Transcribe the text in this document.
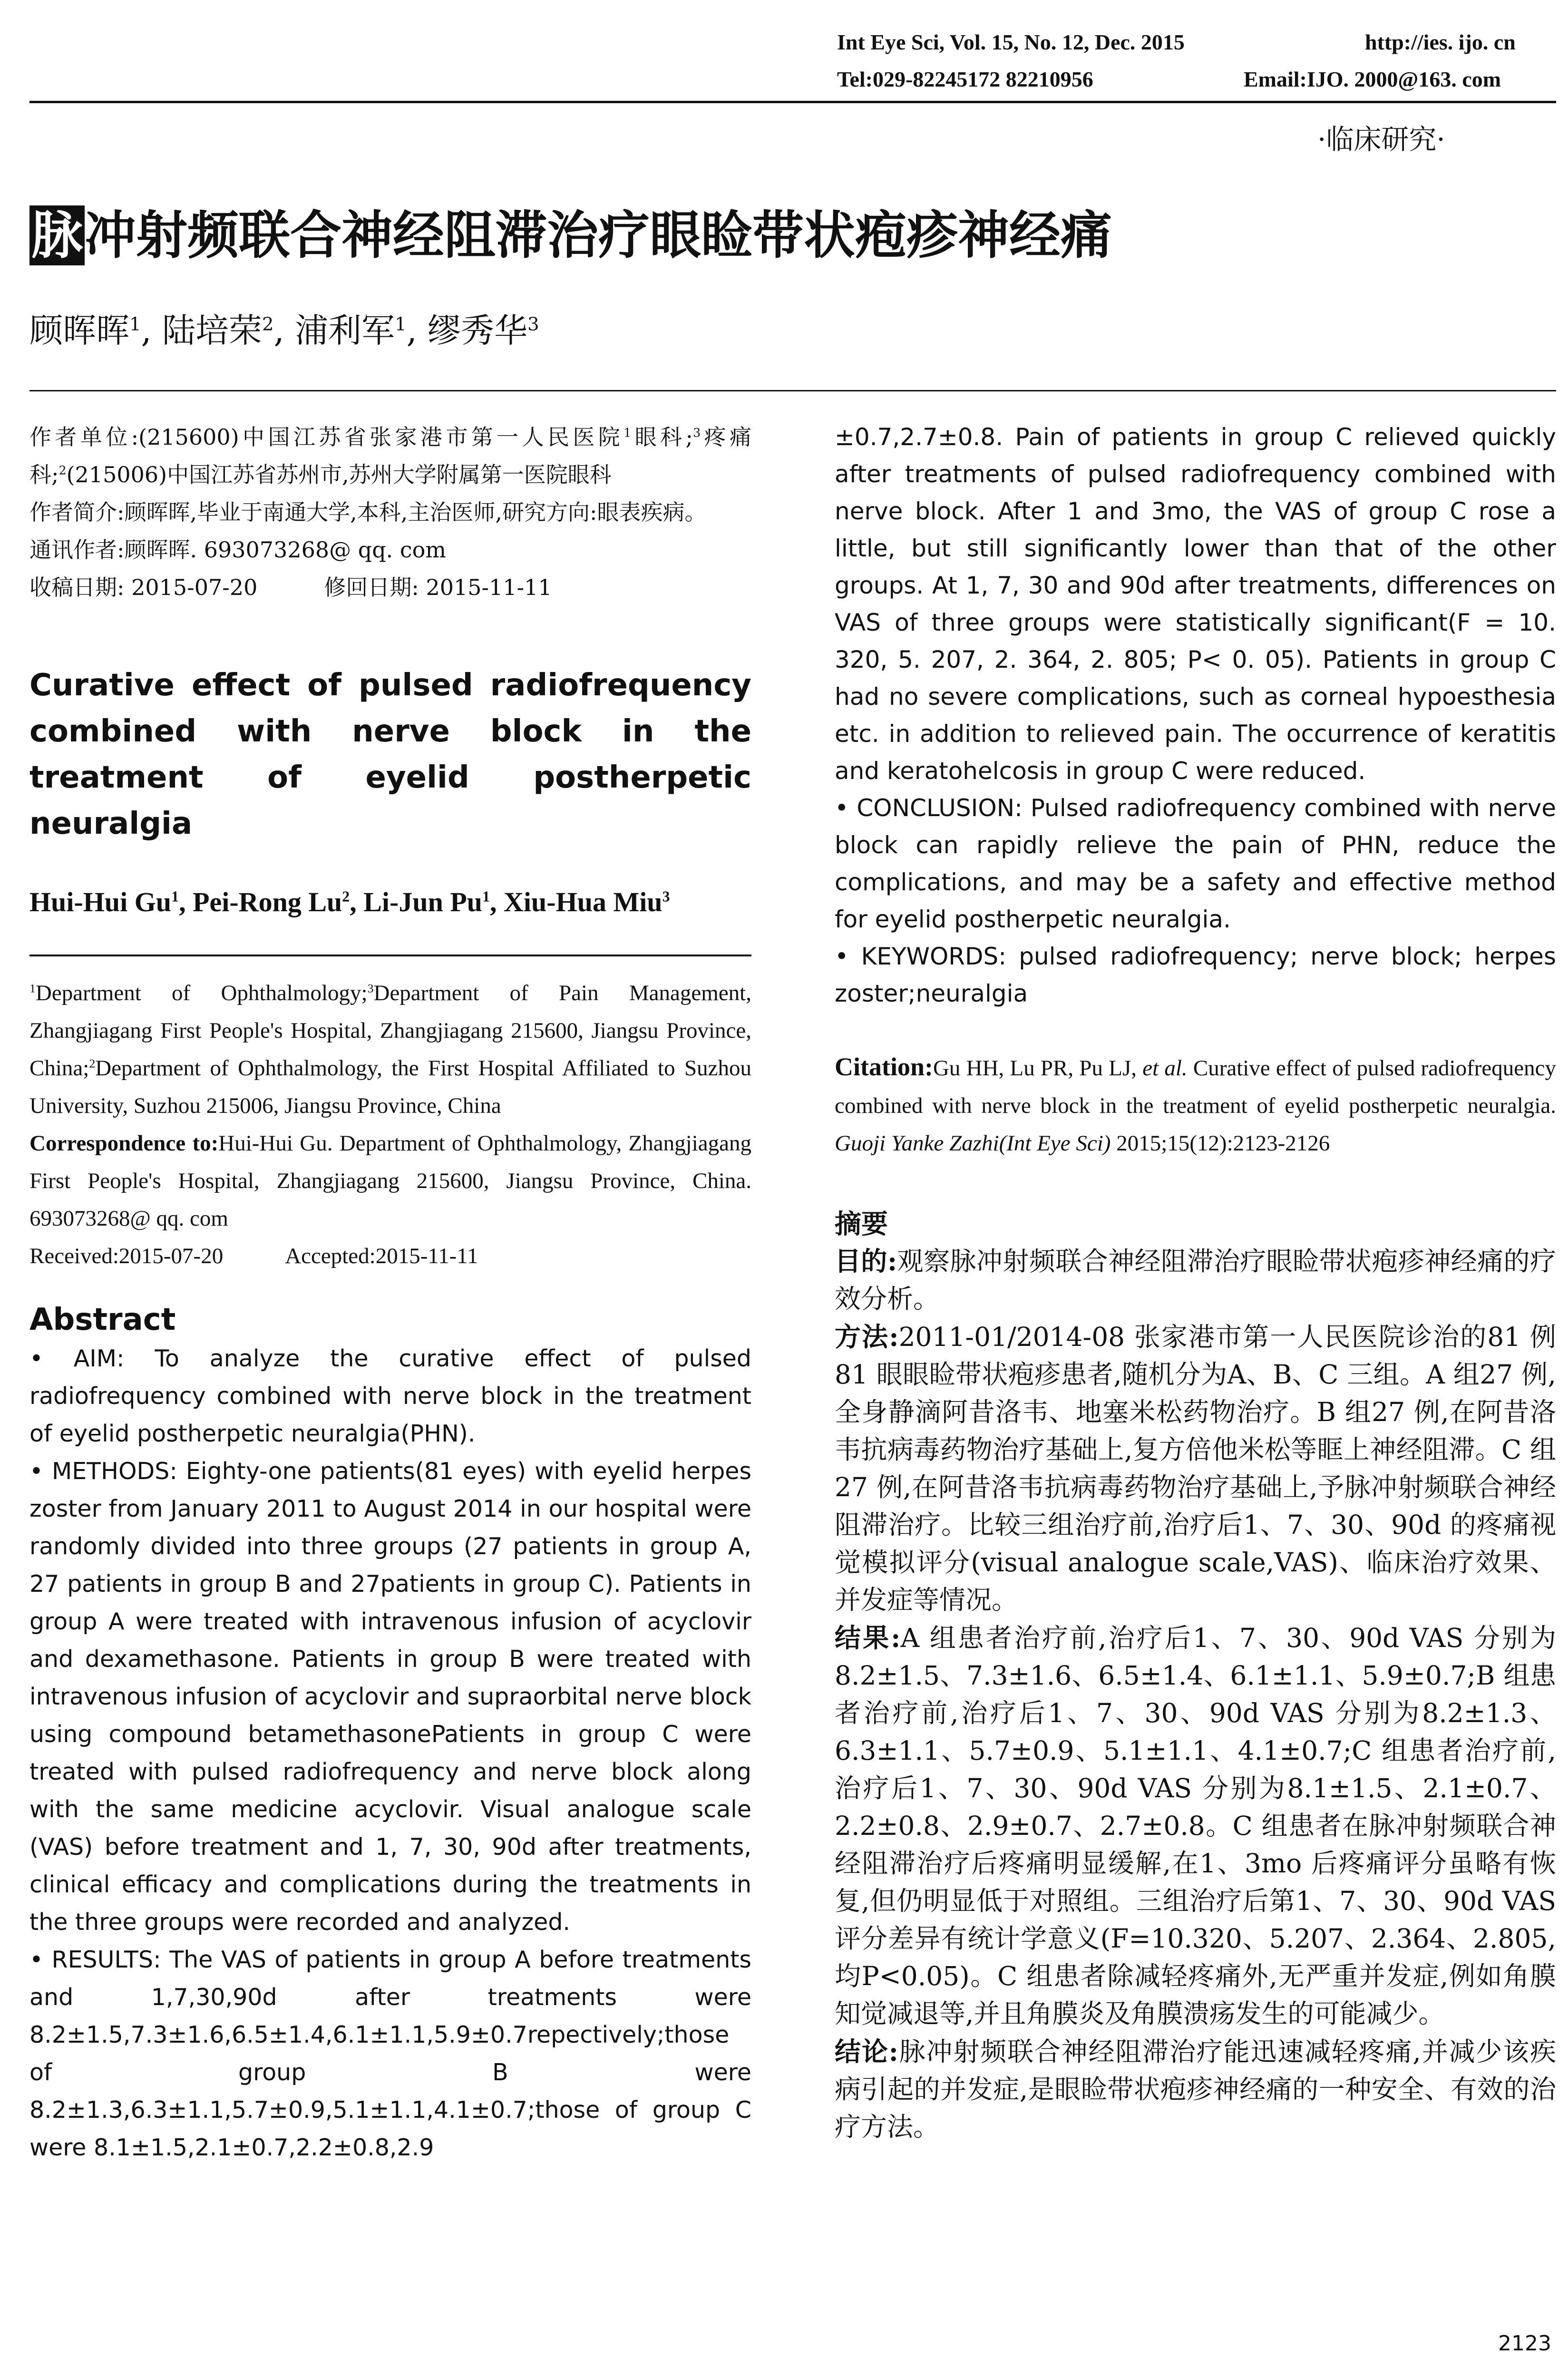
Int Eye Sci, Vol. 15, No. 12, Dec. 2015	http://ies. ijo. cn
Tel:029-82245172 82210956	Email:IJO. 2000@163. com
·临床研究·
脉冲射频联合神经阻滞治疗眼睑带状疱疹神经痛
顾晖晖$^1$, 陆培荣$^2$, 浦利军$^1$, 缪秀华$^3$
作者单位:(215600)中国江苏省张家港市第一人民医院$^1$眼科;$^3$疼痛科;$^2$(215006)中国江苏省苏州市,苏州大学附属第一医院眼科
作者简介:顾晖晖,毕业于南通大学,本科,主治医师,研究方向:眼表疾病。
通讯作者:顾晖晖. 693073268@ qq. com
收稿日期: 2015-07-20	修回日期: 2015-11-11
Curative effect of pulsed radiofrequency combined with nerve block in the treatment of eyelid postherpetic neuralgia
Hui-Hui Gu$^1$, Pei-Rong Lu$^2$, Li-Jun Pu$^1$, Xiu-Hua Miu$^3$
$^1$Department of Ophthalmology;$^3$Department of Pain Management, Zhangjiagang First People's Hospital, Zhangjiagang 215600, Jiangsu Province, China;$^2$Department of Ophthalmology, the First Hospital Affiliated to Suzhou University, Suzhou 215006, Jiangsu Province, China
Correspondence to:Hui-Hui Gu. Department of Ophthalmology, Zhangjiagang First People's Hospital, Zhangjiagang 215600, Jiangsu Province, China. 693073268@ qq. com
Received:2015-07-20	Accepted:2015-11-11
Abstract
• AIM: To analyze the curative effect of pulsed radiofrequency combined with nerve block in the treatment of eyelid postherpetic neuralgia(PHN).
• METHODS: Eighty-one patients(81 eyes) with eyelid herpes zoster from January 2011 to August 2014 in our hospital were randomly divided into three groups (27 patients in group A, 27 patients in group B and 27patients in group C). Patients in group A were treated with intravenous infusion of acyclovir and dexamethasone. Patients in group B were treated with intravenous infusion of acyclovir and supraorbital nerve block using compound betamethasonePatients in group C were treated with pulsed radiofrequency and nerve block along with the same medicine acyclovir. Visual analogue scale (VAS) before treatment and 1, 7, 30, 90d after treatments, clinical efficacy and complications during the treatments in the three groups were recorded and analyzed.
• RESULTS: The VAS of patients in group A before treatments and 1,7,30,90d after treatments were 8.2±1.5,7.3±1.6,6.5±1.4,6.1±1.1,5.9±0.7repectively;those of group B were 8.2±1.3,6.3±1.1,5.7±0.9,5.1±1.1,4.1±0.7;those of group C were 8.1±1.5,2.1±0.7,2.2±0.8,2.9
±0.7,2.7±0.8. Pain of patients in group C relieved quickly after treatments of pulsed radiofrequency combined with nerve block. After 1 and 3mo, the VAS of group C rose a little, but still significantly lower than that of the other groups. At 1, 7, 30 and 90d after treatments, differences on VAS of three groups were statistically significant(F = 10. 320, 5. 207, 2. 364, 2. 805; P< 0. 05). Patients in group C had no severe complications, such as corneal hypoesthesia etc. in addition to relieved pain. The occurrence of keratitis and keratohelcosis in group C were reduced.
• CONCLUSION: Pulsed radiofrequency combined with nerve block can rapidly relieve the pain of PHN, reduce the complications, and may be a safety and effective method for eyelid postherpetic neuralgia.
• KEYWORDS: pulsed radiofrequency; nerve block; herpes zoster;neuralgia
Citation:Gu HH, Lu PR, Pu LJ, et al. Curative effect of pulsed radiofrequency combined with nerve block in the treatment of eyelid postherpetic neuralgia. Guoji Yanke Zazhi(Int Eye Sci) 2015;15(12):2123-2126
摘要
目的:观察脉冲射频联合神经阻滞治疗眼睑带状疱疹神经痛的疗效分析。
方法:2011-01/2014-08 张家港市第一人民医院诊治的81 例81 眼眼睑带状疱疹患者,随机分为A、B、C 三组。A 组27 例,全身静滴阿昔洛韦、地塞米松药物治疗。B 组27 例,在阿昔洛韦抗病毒药物治疗基础上,复方倍他米松等眶上神经阻滞。C 组27 例,在阿昔洛韦抗病毒药物治疗基础上,予脉冲射频联合神经阻滞治疗。比较三组治疗前,治疗后1、7、30、90d 的疼痛视觉模拟评分(visual analogue scale,VAS)、临床治疗效果、并发症等情况。
结果:A 组患者治疗前,治疗后1、7、30、90d VAS 分别为8.2±1.5、7.3±1.6、6.5±1.4、6.1±1.1、5.9±0.7;B 组患者治疗前,治疗后1、7、30、90d VAS 分别为8.2±1.3、6.3±1.1、5.7±0.9、5.1±1.1、4.1±0.7;C 组患者治疗前,治疗后1、7、30、90d VAS 分别为8.1±1.5、2.1±0.7、2.2±0.8、2.9±0.7、2.7±0.8。C 组患者在脉冲射频联合神经阻滞治疗后疼痛明显缓解,在1、3mo 后疼痛评分虽略有恢复,但仍明显低于对照组。三组治疗后第1、7、30、90d VAS 评分差异有统计学意义(F=10.320、5.207、2.364、2.805,均P<0.05)。C 组患者除减轻疼痛外,无严重并发症,例如角膜知觉减退等,并且角膜炎及角膜溃疡发生的可能减少。
结论:脉冲射频联合神经阻滞治疗能迅速减轻疼痛,并减少该疾病引起的并发症,是眼睑带状疱疹神经痛的一种安全、有效的治疗方法。
2123
